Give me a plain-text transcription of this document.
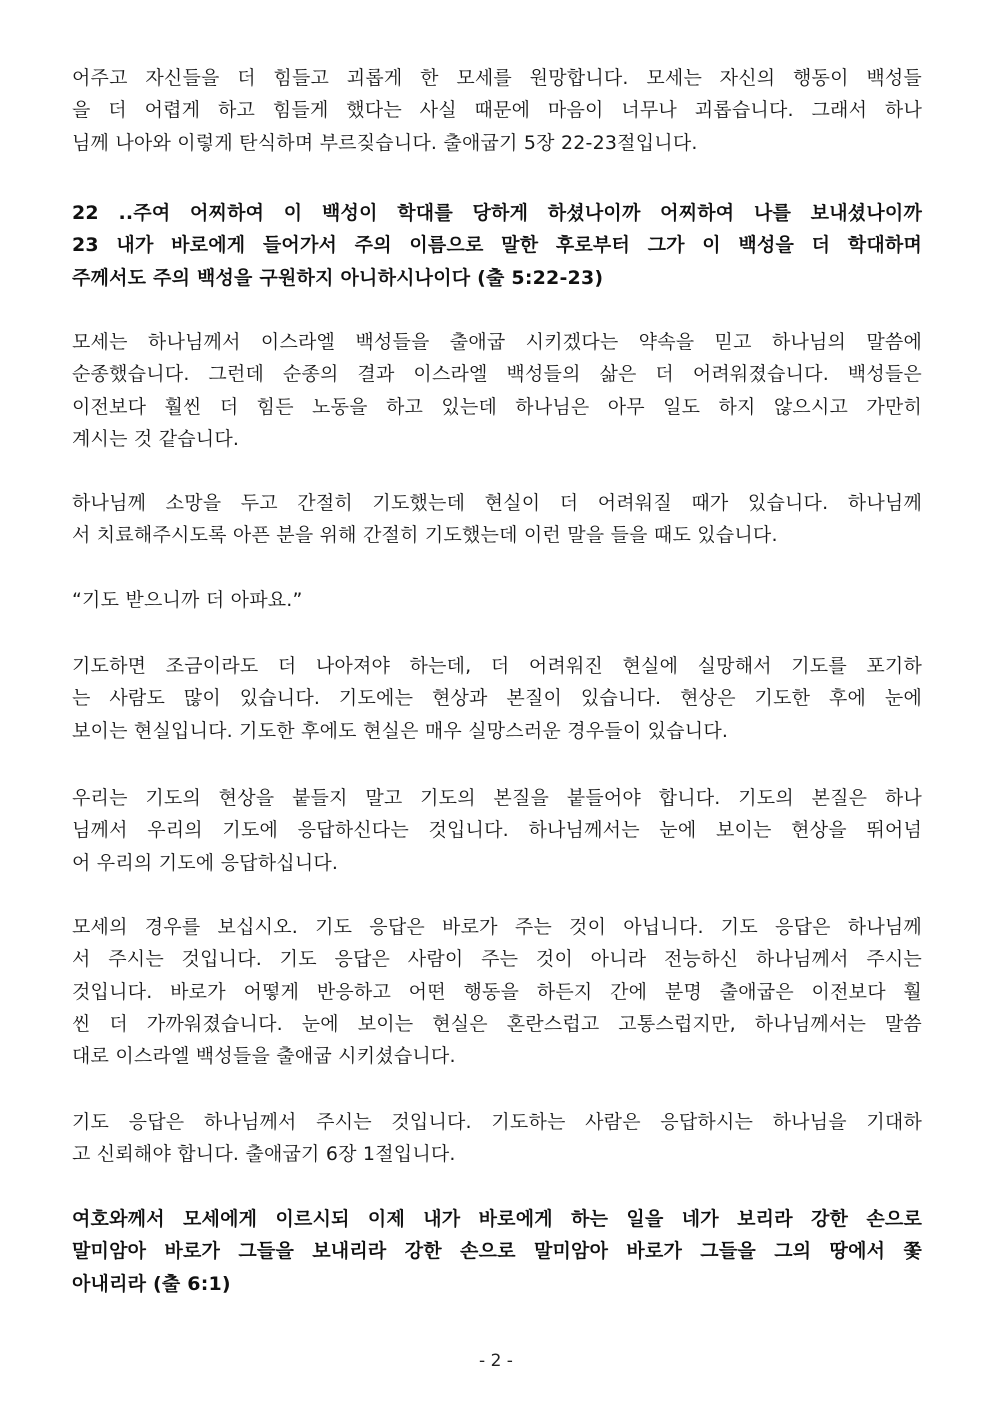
어주고 자신들을 더 힘들고 괴롭게 한 모세를 원망합니다. 모세는 자신의 행동이 백성들
을 더 어렵게 하고 힘들게 했다는 사실 때문에 마음이 너무나 괴롭습니다. 그래서 하나
님께 나아와 이렇게 탄식하며 부르짖습니다. 출애굽기 5장 22-23절입니다.
22 ..주여 어찌하여 이 백성이 학대를 당하게 하셨나이까 어찌하여 나를 보내셨나이까
23 내가 바로에게 들어가서 주의 이름으로 말한 후로부터 그가 이 백성을 더 학대하며
주께서도 주의 백성을 구원하지 아니하시나이다 (출 5:22-23)
모세는 하나님께서 이스라엘 백성들을 출애굽 시키겠다는 약속을 믿고 하나님의 말씀에
순종했습니다. 그런데 순종의 결과 이스라엘 백성들의 삶은 더 어려워졌습니다. 백성들은
이전보다 훨씬 더 힘든 노동을 하고 있는데 하나님은 아무 일도 하지 않으시고 가만히
계시는 것 같습니다.
하나님께 소망을 두고 간절히 기도했는데 현실이 더 어려워질 때가 있습니다. 하나님께
서 치료해주시도록 아픈 분을 위해 간절히 기도했는데 이런 말을 들을 때도 있습니다.
“기도 받으니까 더 아파요.”
기도하면 조금이라도 더 나아져야 하는데, 더 어려워진 현실에 실망해서 기도를 포기하
는 사람도 많이 있습니다. 기도에는 현상과 본질이 있습니다. 현상은 기도한 후에 눈에
보이는 현실입니다. 기도한 후에도 현실은 매우 실망스러운 경우들이 있습니다.
우리는 기도의 현상을 붙들지 말고 기도의 본질을 붙들어야 합니다. 기도의 본질은 하나
님께서 우리의 기도에 응답하신다는 것입니다. 하나님께서는 눈에 보이는 현상을 뛰어넘
어 우리의 기도에 응답하십니다.
모세의 경우를 보십시오. 기도 응답은 바로가 주는 것이 아닙니다. 기도 응답은 하나님께
서 주시는 것입니다. 기도 응답은 사람이 주는 것이 아니라 전능하신 하나님께서 주시는
것입니다. 바로가 어떻게 반응하고 어떤 행동을 하든지 간에 분명 출애굽은 이전보다 훨
씬 더 가까워졌습니다. 눈에 보이는 현실은 혼란스럽고 고통스럽지만, 하나님께서는 말씀
대로 이스라엘 백성들을 출애굽 시키셨습니다.
기도 응답은 하나님께서 주시는 것입니다. 기도하는 사람은 응답하시는 하나님을 기대하
고 신뢰해야 합니다. 출애굽기 6장 1절입니다.
여호와께서 모세에게 이르시되 이제 내가 바로에게 하는 일을 네가 보리라 강한 손으로
말미암아 바로가 그들을 보내리라 강한 손으로 말미암아 바로가 그들을 그의 땅에서 쫓
아내리라 (출 6:1)
- 2 -
